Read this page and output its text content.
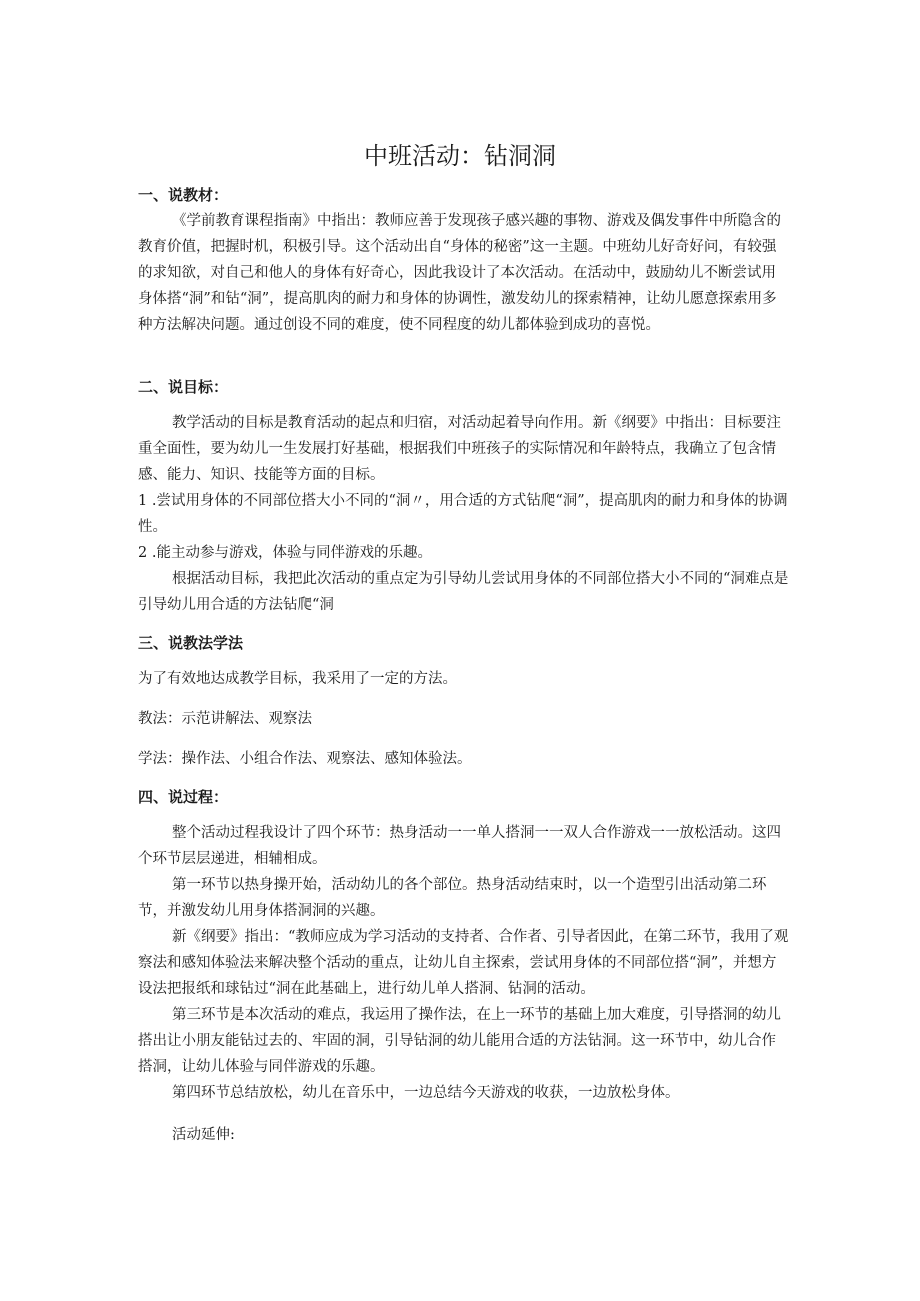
中班活动：钻洞洞
一、说教材：

《学前教育课程指南》中指出：教师应善于发现孩子感兴趣的事物、游戏及偶发事件中所隐含的教育价值，把握时机，积极引导。这个活动出自“身体的秘密”这一主题。中班幼儿好奇好问，有较强的求知欲，对自己和他人的身体有好奇心，因此我设计了本次活动。在活动中，鼓励幼儿不断尝试用身体搭“洞”和钻“洞”，提高肌肉的耐力和身体的协调性，激发幼儿的探索精神，让幼儿愿意探索用多种方法解决问题。通过创设不同的难度，使不同程度的幼儿都体验到成功的喜悦。

二、说目标：

教学活动的目标是教育活动的起点和归宿，对活动起着导向作用。新《纲要》中指出：目标要注重全面性，要为幼儿一生发展打好基础，根据我们中班孩子的实际情况和年龄特点，我确立了包含情感、能力、知识、技能等方面的目标。

1 .尝试用身体的不同部位搭大小不同的“洞〃，用合适的方式钻爬“洞”，提高肌肉的耐力和身体的协调性。

2 .能主动参与游戏，体验与同伴游戏的乐趣。

根据活动目标，我把此次活动的重点定为引导幼儿尝试用身体的不同部位搭大小不同的“洞难点是引导幼儿用合适的方法钻爬“洞

三、说教法学法

为了有效地达成教学目标，我采用了一定的方法。

教法：示范讲解法、观察法

学法：操作法、小组合作法、观察法、感知体验法。

四、说过程：

整个活动过程我设计了四个环节：热身活动一一单人搭洞一一双人合作游戏一一放松活动。这四个环节层层递进，相辅相成。

第一环节以热身操开始，活动幼儿的各个部位。热身活动结束时，以一个造型引出活动第二环节，并激发幼儿用身体搭洞洞的兴趣。

新《纲要》指出：“教师应成为学习活动的支持者、合作者、引导者因此，在第二环节，我用了观察法和感知体验法来解决整个活动的重点，让幼儿自主探索，尝试用身体的不同部位搭“洞”，并想方设法把报纸和球钻过“洞在此基础上，进行幼儿单人搭洞、钻洞的活动。

第三环节是本次活动的难点，我运用了操作法，在上一环节的基础上加大难度，引导搭洞的幼儿搭出让小朋友能钻过去的、牢固的洞，引导钻洞的幼儿能用合适的方法钻洞。这一环节中，幼儿合作搭洞，让幼儿体验与同伴游戏的乐趣。

第四环节总结放松，幼儿在音乐中，一边总结今天游戏的收获，一边放松身体。

活动延伸:
